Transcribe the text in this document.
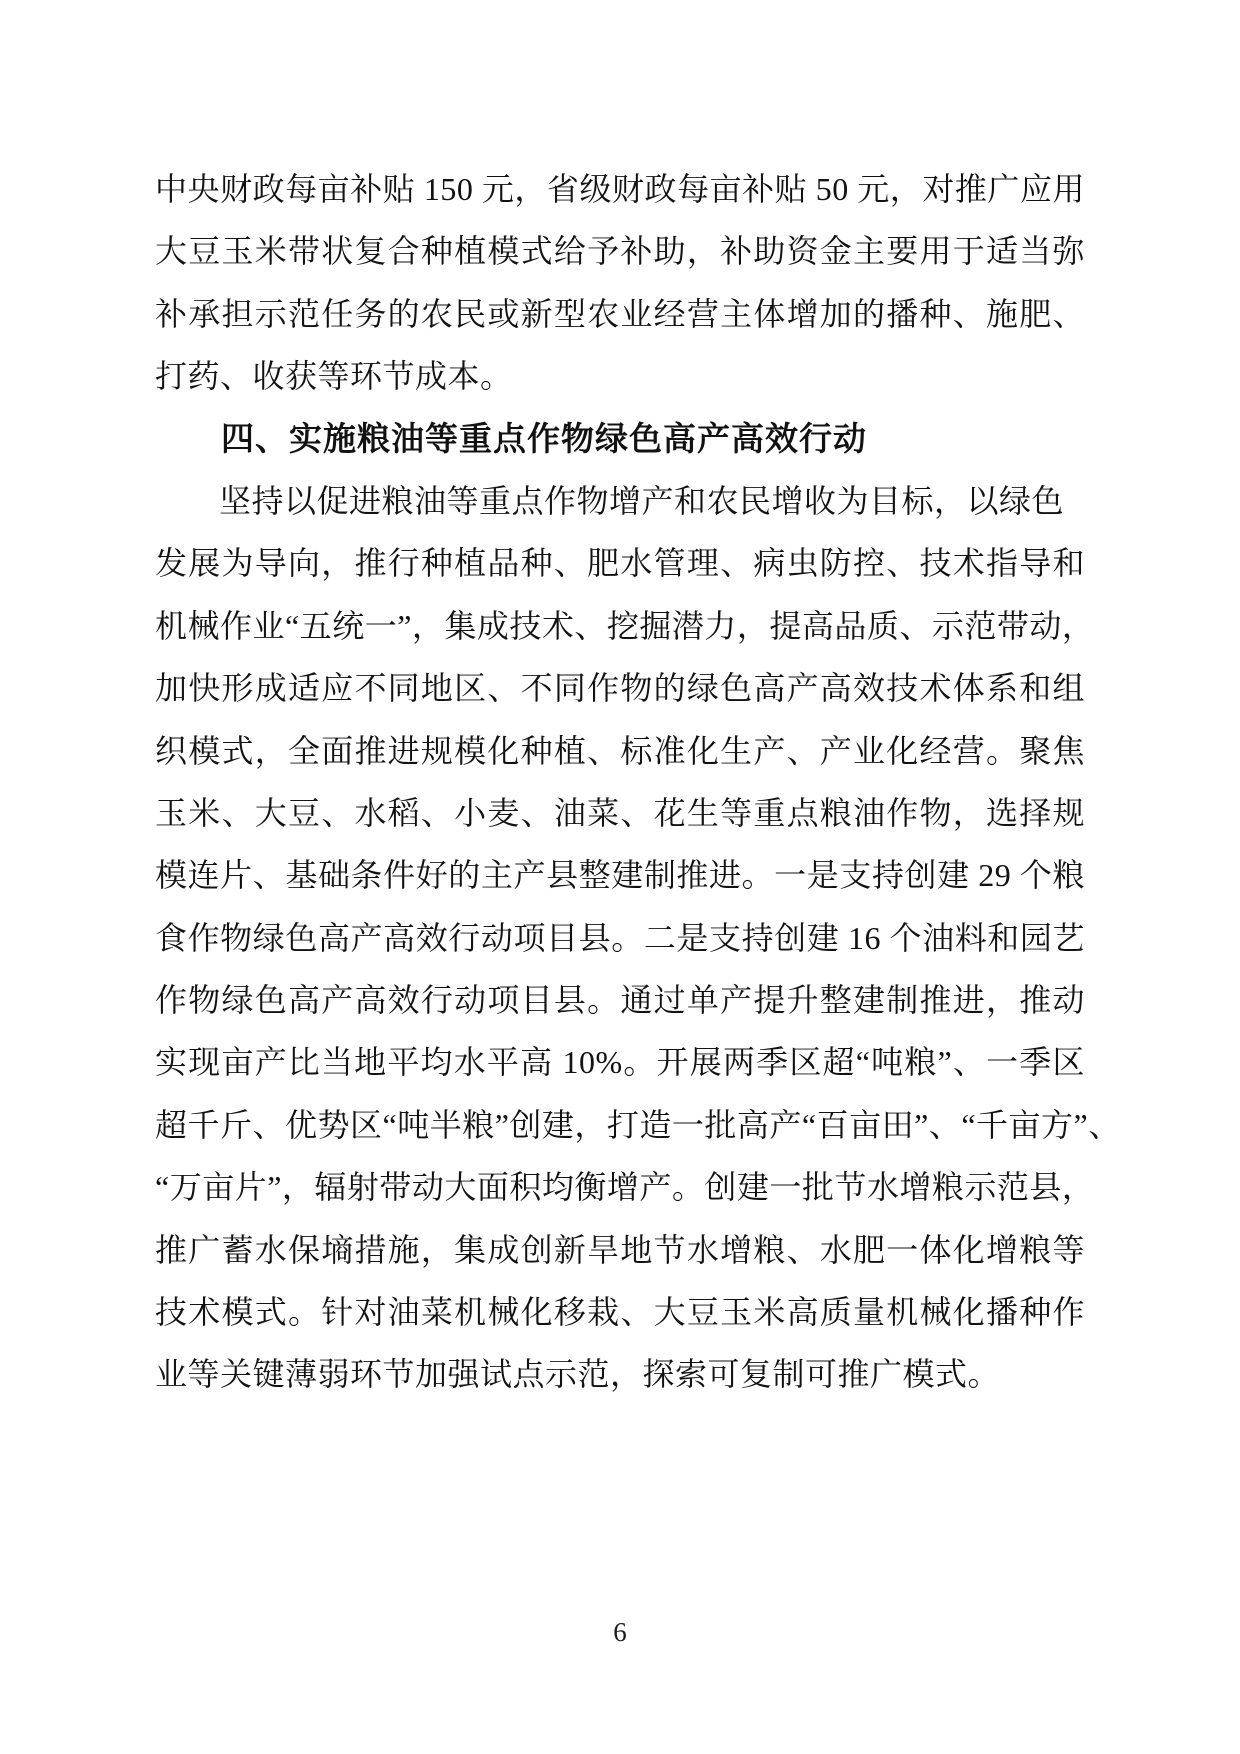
中央财政每亩补贴 150 元，省级财政每亩补贴 50 元，对推广应用
大豆玉米带状复合种植模式给予补助，补助资金主要用于适当弥
补承担示范任务的农民或新型农业经营主体增加的播种、施肥、
打药、收获等环节成本。
四、实施粮油等重点作物绿色高产高效行动
坚持以促进粮油等重点作物增产和农民增收为目标，以绿色
发展为导向，推行种植品种、肥水管理、病虫防控、技术指导和
机械作业“五统一”，集成技术、挖掘潜力，提高品质、示范带动，
加快形成适应不同地区、不同作物的绿色高产高效技术体系和组
织模式，全面推进规模化种植、标准化生产、产业化经营。聚焦
玉米、大豆、水稻、小麦、油菜、花生等重点粮油作物，选择规
模连片、基础条件好的主产县整建制推进。一是支持创建 29 个粮
食作物绿色高产高效行动项目县。二是支持创建 16 个油料和园艺
作物绿色高产高效行动项目县。通过单产提升整建制推进，推动
实现亩产比当地平均水平高 10%。开展两季区超“吨粮”、一季区
超千斤、优势区“吨半粮”创建，打造一批高产“百亩田”、“千亩方”、
“万亩片”，辐射带动大面积均衡增产。创建一批节水增粮示范县，
推广蓄水保墒措施，集成创新旱地节水增粮、水肥一体化增粮等
技术模式。针对油菜机械化移栽、大豆玉米高质量机械化播种作
业等关键薄弱环节加强试点示范，探索可复制可推广模式。
6
